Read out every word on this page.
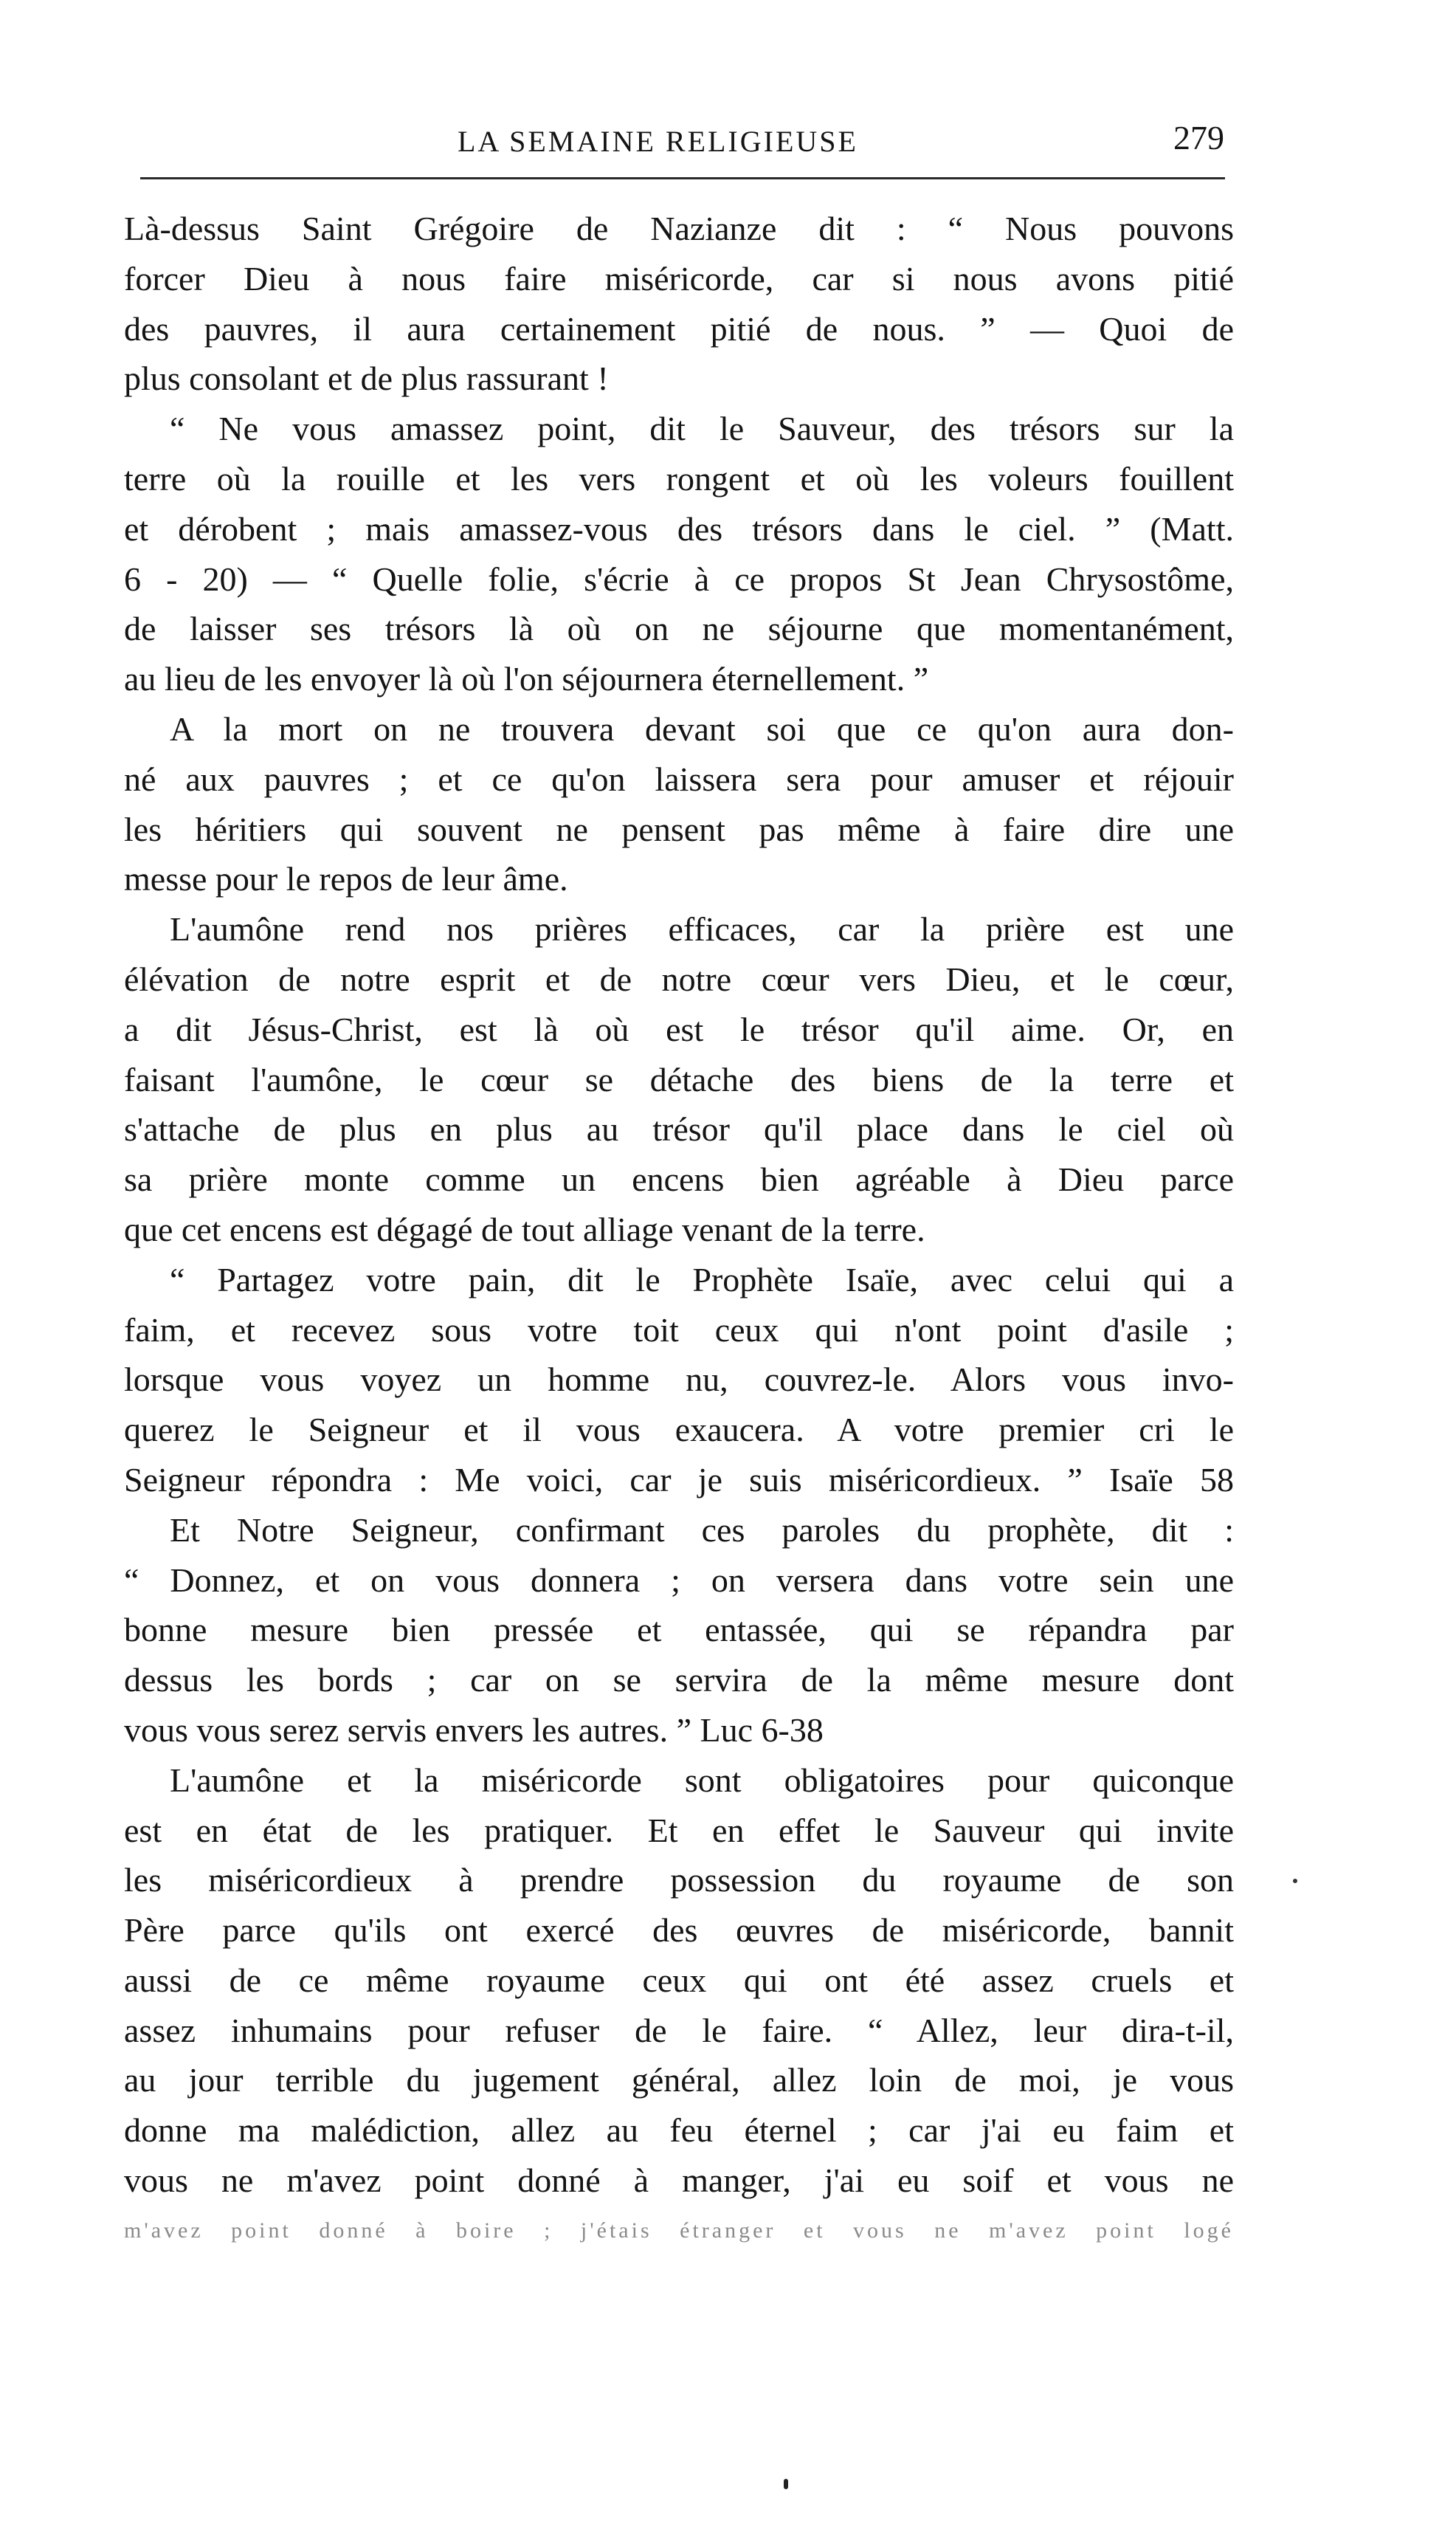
LA SEMAINE RELIGIEUSE	279
Là-dessus Saint Grégoire de Nazianze dit : “ Nous pouvons
forcer Dieu à nous faire miséricorde, car si nous avons pitié
des pauvres, il aura certainement pitié de nous. ” — Quoi de
plus consolant et de plus rassurant !
“ Ne vous amassez point, dit le Sauveur, des trésors sur la
terre où la rouille et les vers rongent et où les voleurs fouillent
et dérobent ; mais amassez-vous des trésors dans le ciel. ” (Matt.
6 - 20) — “ Quelle folie, s'écrie à ce propos St Jean Chrysostôme,
de laisser ses trésors là où on ne séjourne que momentanément,
au lieu de les envoyer là où l'on séjournera éternellement. ”
A la mort on ne trouvera devant soi que ce qu'on aura don-
né aux pauvres ; et ce qu'on laissera sera pour amuser et réjouir
les héritiers qui souvent ne pensent pas même à faire dire une
messe pour le repos de leur âme.
L'aumône rend nos prières efficaces, car la prière est une
élévation de notre esprit et de notre cœur vers Dieu, et le cœur,
a dit Jésus-Christ, est là où est le trésor qu'il aime. Or, en
faisant l'aumône, le cœur se détache des biens de la terre et
s'attache de plus en plus au trésor qu'il place dans le ciel où
sa prière monte comme un encens bien agréable à Dieu parce
que cet encens est dégagé de tout alliage venant de la terre.
“ Partagez votre pain, dit le Prophète Isaïe, avec celui qui a
faim, et recevez sous votre toit ceux qui n'ont point d'asile ;
lorsque vous voyez un homme nu, couvrez-le. Alors vous invo-
querez le Seigneur et il vous exaucera. A votre premier cri le
Seigneur répondra : Me voici, car je suis miséricordieux. ” Isaïe 58
Et Notre Seigneur, confirmant ces paroles du prophète, dit :
“ Donnez, et on vous donnera ; on versera dans votre sein une
bonne mesure bien pressée et entassée, qui se répandra par
dessus les bords ; car on se servira de la même mesure dont
vous vous serez servis envers les autres. ” Luc 6-38
L'aumône et la miséricorde sont obligatoires pour quiconque
est en état de les pratiquer. Et en effet le Sauveur qui invite
les miséricordieux à prendre possession du royaume de son
Père parce qu'ils ont exercé des œuvres de miséricorde, bannit
aussi de ce même royaume ceux qui ont été assez cruels et
assez inhumains pour refuser de le faire. “ Allez, leur dira-t-il,
au jour terrible du jugement général, allez loin de moi, je vous
donne ma malédiction, allez au feu éternel ; car j'ai eu faim et
vous ne m'avez point donné à manger, j'ai eu soif et vous ne
m'avez point donné à boire ; j'étais étranger et vous ne m'avez point logé
